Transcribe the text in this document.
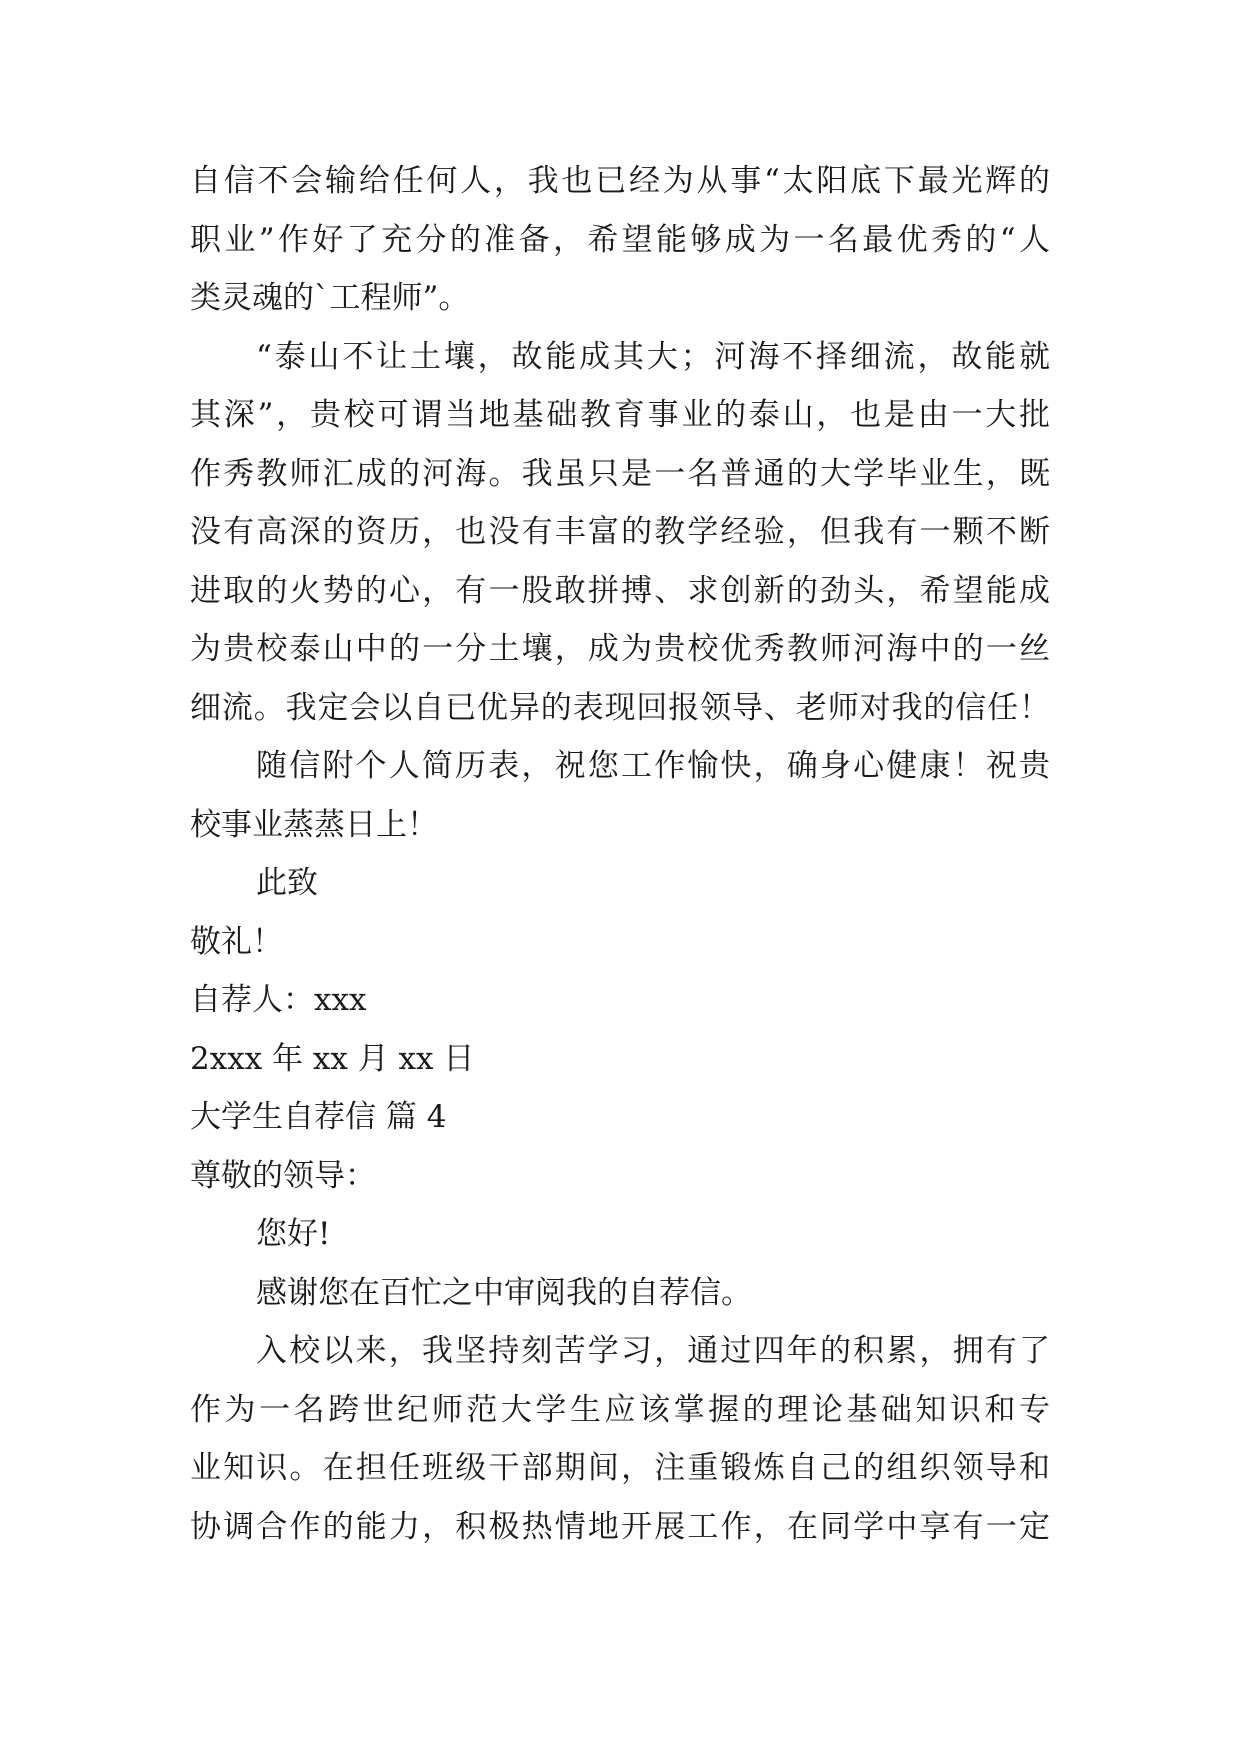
自信不会输给任何人，我也已经为从事“太阳底下最光辉的
职业”作好了充分的准备，希望能够成为一名最优秀的“人
类灵魂的`工程师”。
“泰山不让土壤，故能成其大；河海不择细流，故能就
其深”，贵校可谓当地基础教育事业的泰山，也是由一大批
作秀教师汇成的河海。我虽只是一名普通的大学毕业生，既
没有高深的资历，也没有丰富的教学经验，但我有一颗不断
进取的火势的心，有一股敢拼搏、求创新的劲头，希望能成
为贵校泰山中的一分土壤，成为贵校优秀教师河海中的一丝
细流。我定会以自已优异的表现回报领导、老师对我的信任！
随信附个人简历表，祝您工作愉快，确身心健康！祝贵
校事业蒸蒸日上！
此致
敬礼！
自荐人：xxx
2xxx 年 xx 月 xx 日
大学生自荐信 篇 4
尊敬的领导：
您好!
感谢您在百忙之中审阅我的自荐信。
入校以来，我坚持刻苦学习，通过四年的积累，拥有了
作为一名跨世纪师范大学生应该掌握的理论基础知识和专
业知识。在担任班级干部期间，注重锻炼自己的组织领导和
协调合作的能力，积极热情地开展工作，在同学中享有一定
